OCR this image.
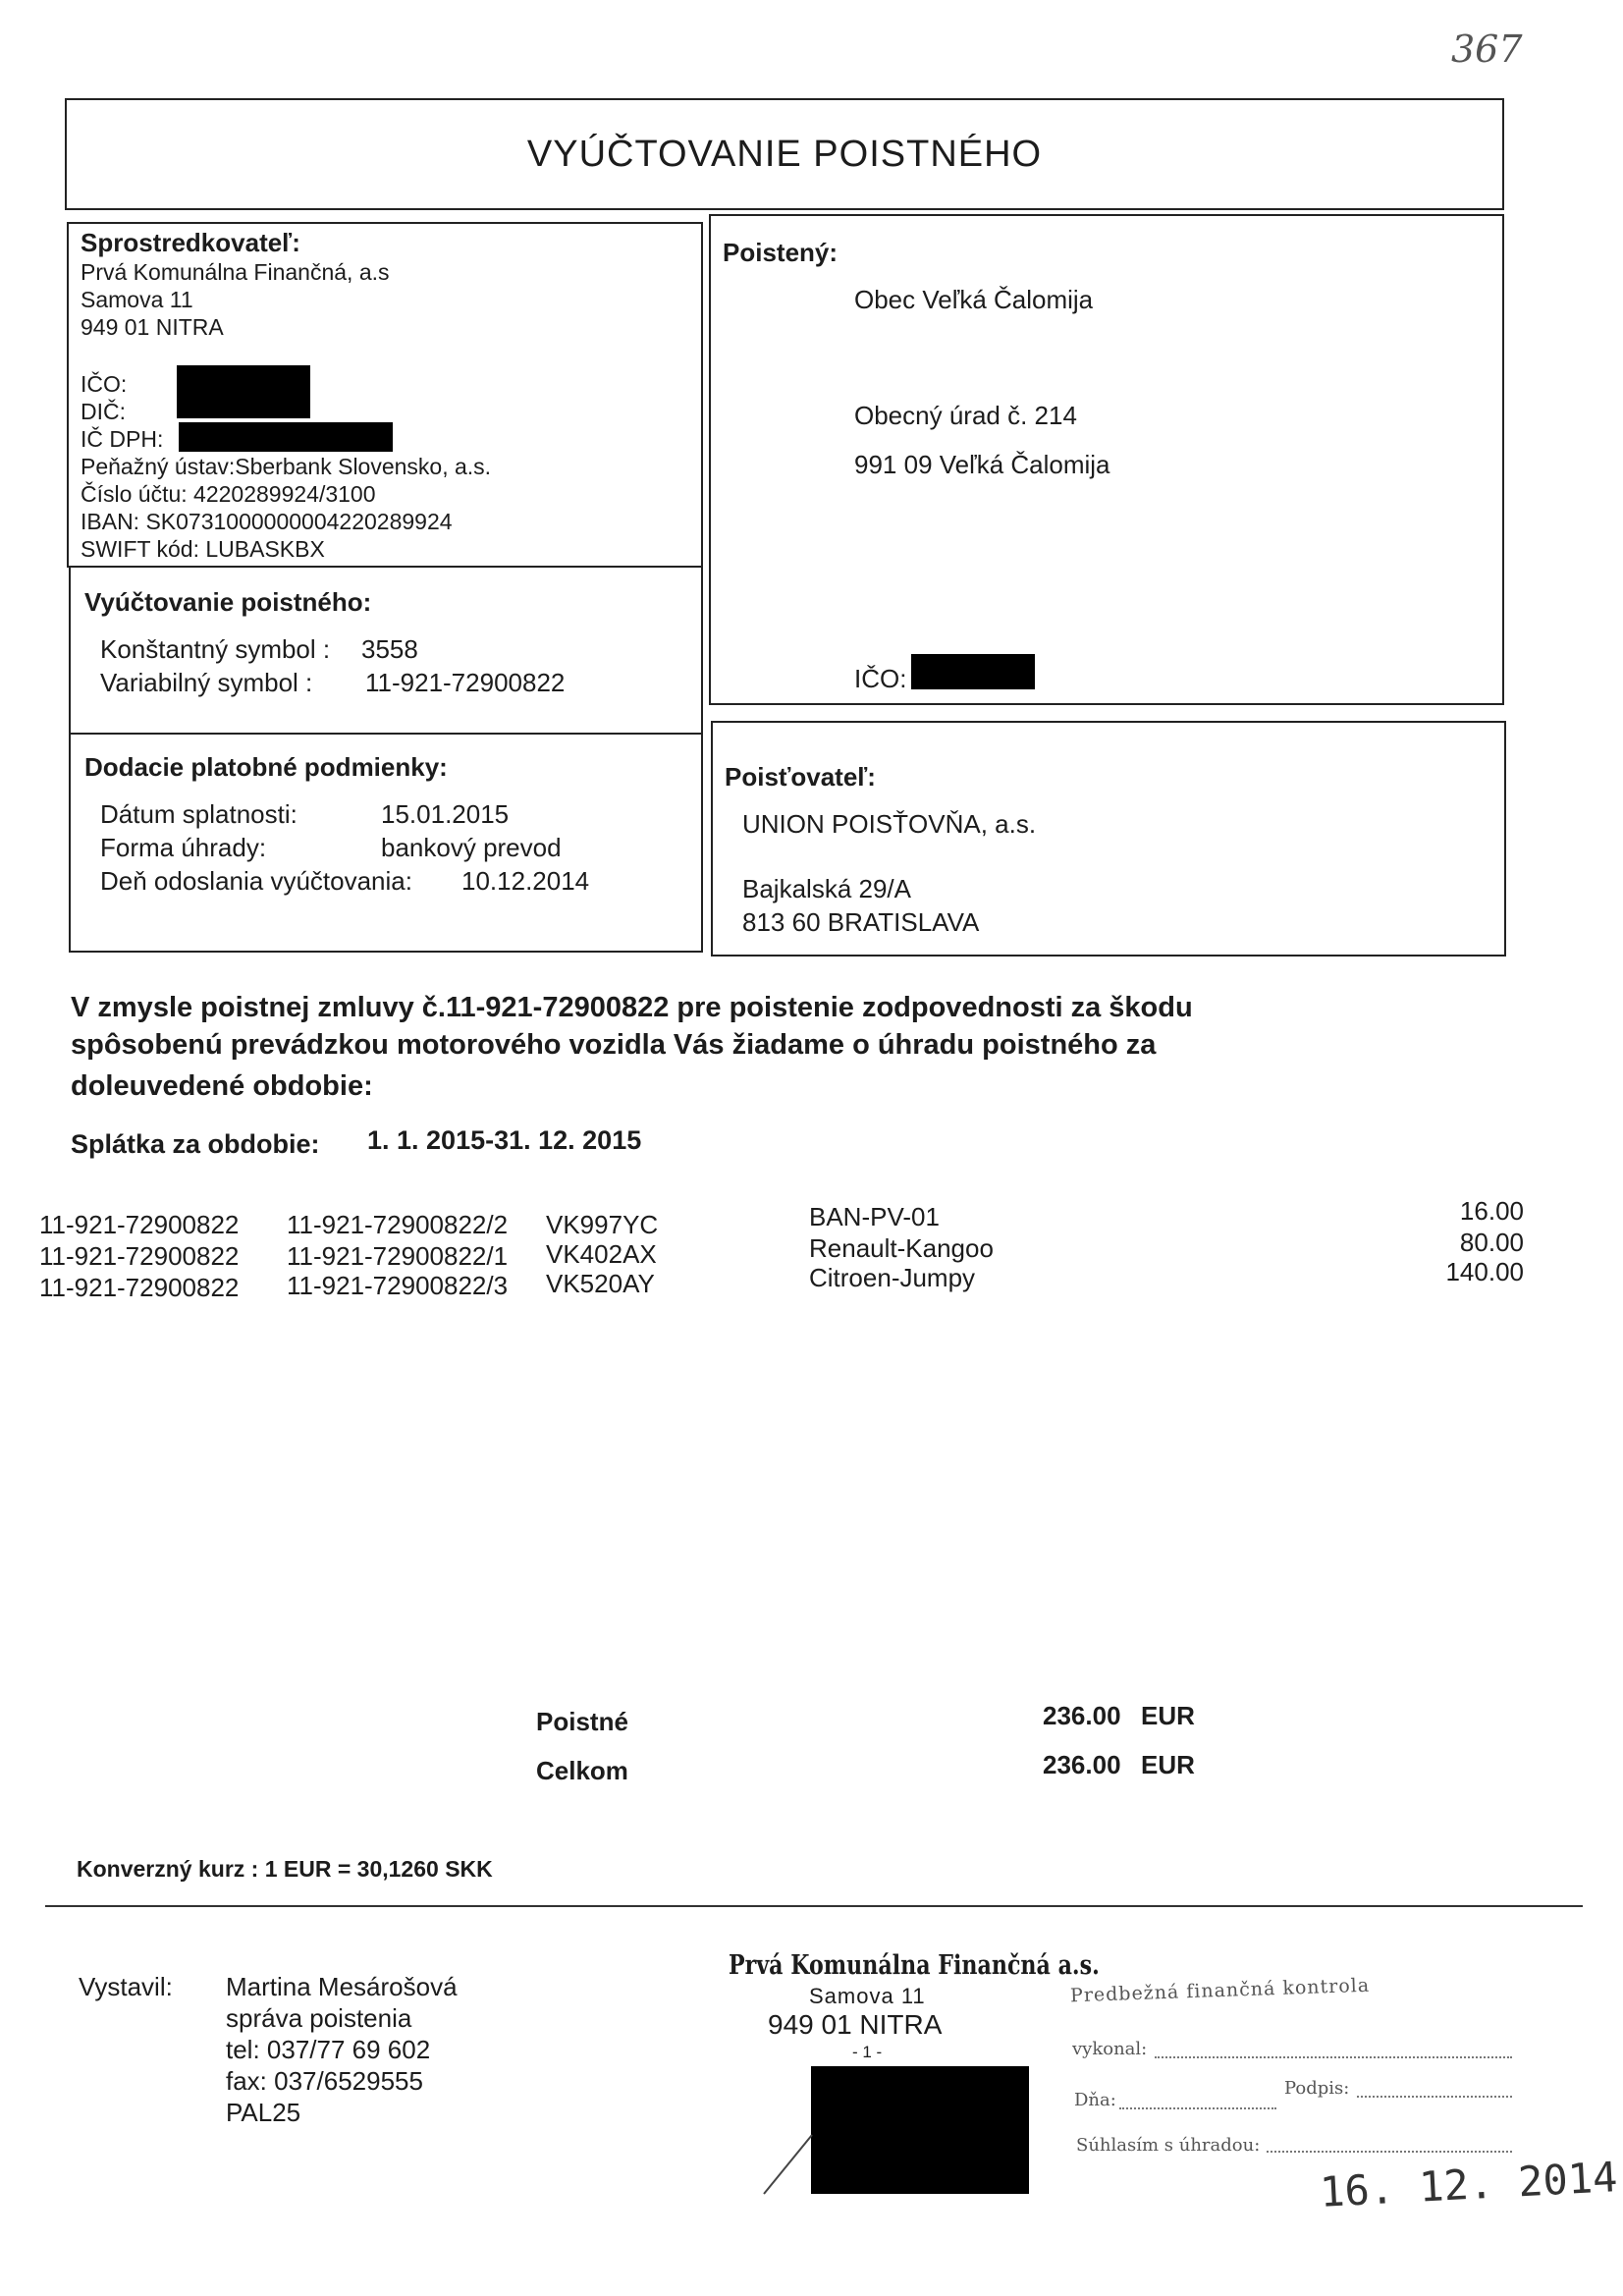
367
VYÚČTOVANIE POISTNÉHO
Sprostredkovateľ:
Prvá Komunálna Finančná, a.s
Samova 11
949 01 NITRA
IČO:
DIČ:
IČ DPH:
Peňažný ústav:Sberbank Slovensko, a.s.
Číslo účtu: 4220289924/3100
IBAN: SK0731000000004220289924
SWIFT kód: LUBASKBX
Vyúčtovanie poistného:
Konštantný symbol : 3558
Variabilný symbol : 11-921-72900822
Dodacie platobné podmienky:
Dátum splatnosti:	15.01.2015
Forma úhrady:	bankový prevod
Deň odoslania vyúčtovania: 10.12.2014
Poistený:
Obec Veľká Čalomija
Obecný úrad č. 214
991 09 Veľká Čalomija
IČO:
Poisťovateľ:
UNION POISŤOVŇA, a.s.
Bajkalská 29/A
813 60 BRATISLAVA
V zmysle poistnej zmluvy č.11-921-72900822 pre poistenie zodpovednosti za škodu
spôsobenú prevádzkou motorového vozidla Vás žiadame o úhradu poistného za
doleuvedené obdobie:
Splátka za obdobie: 1. 1. 2015-31. 12. 2015
11-921-72900822 11-921-72900822/2 VK997YC	BAN-PV-01	16.00
11-921-72900822 11-921-72900822/1 VK402AX	Renault-Kangoo	80.00
11-921-72900822 11-921-72900822/3 VK520AY	Citroen-Jumpy	140.00
Poistné	236.00 EUR
Celkom	236.00 EUR
Konverzný kurz : 1 EUR = 30,1260 SKK
Vystavil: Martina Mesárošová
správa poistenia
tel: 037/77 69 602
fax: 037/6529555
PAL25
Prvá Komunálna Finančná a.s.
Samova 11
949 01 NITRA
- 1 -
Predbežná finančná kontrola
vykonal:
Dňa:
Podpis:
Súhlasím s úhradou:
16. 12. 2014
